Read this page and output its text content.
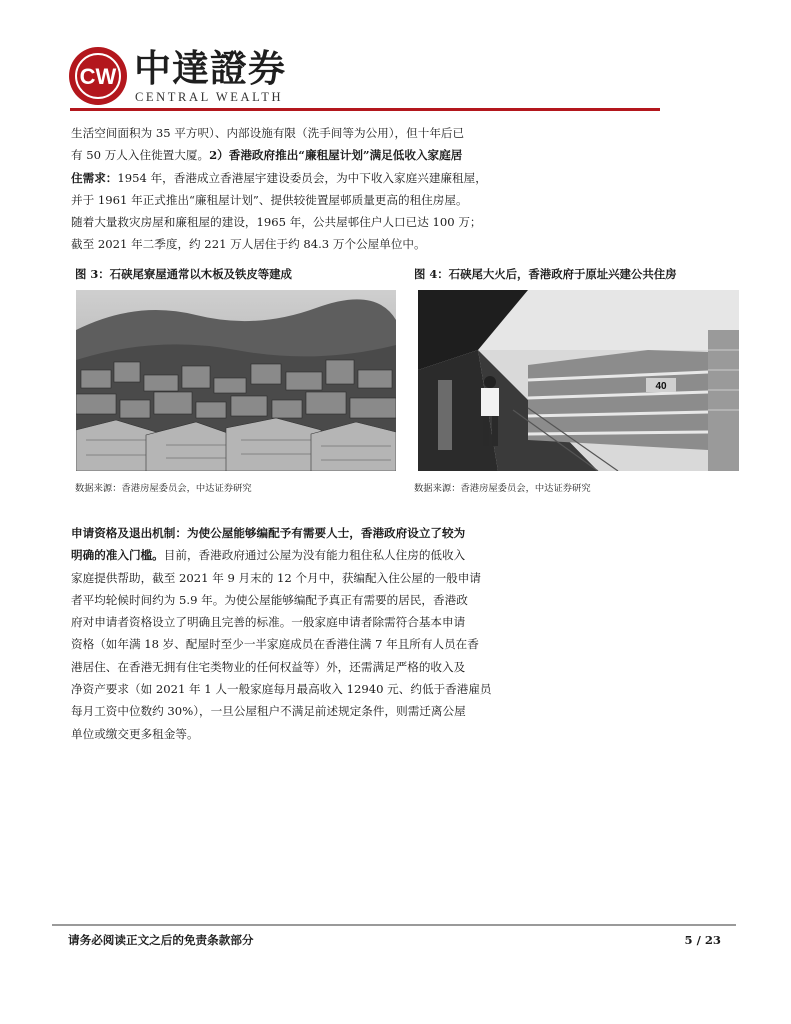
CW 中達證券
CENTRAL WEALTH
生活空间面积为 35 平方呎）、内部设施有限（洗手间等为公用），但十年后已
有 50 万人入住徙置大厦。2）香港政府推出“廉租屋计划”满足低收入家庭居
住需求：1954 年，香港成立香港屋宇建设委员会，为中下收入家庭兴建廉租屋，
并于 1961 年正式推出“廉租屋计划”、提供较徙置屋邨质量更高的租住房屋。
随着大量救灾房屋和廉租屋的建设，1965 年，公共屋邨住户人口已达 100 万；
截至 2021 年二季度，约 221 万人居住于约 84.3 万个公屋单位中。
图 3：石硖尾寮屋通常以木板及铁皮等建成	图 4：石硖尾大火后，香港政府于原址兴建公共住房
40
数据来源：香港房屋委员会，中达证券研究	数据来源：香港房屋委员会，中达证券研究
申请资格及退出机制：为使公屋能够编配予有需要人士，香港政府设立了较为
明确的准入门槛。目前，香港政府通过公屋为没有能力租住私人住房的低收入
家庭提供帮助，截至 2021 年 9 月末的 12 个月中，获编配入住公屋的一般申请
者平均轮候时间约为 5.9 年。为使公屋能够编配予真正有需要的居民，香港政
府对申请者资格设立了明确且完善的标准。一般家庭申请者除需符合基本申请
资格（如年满 18 岁、配屋时至少一半家庭成员在香港住满 7 年且所有人员在香
港居住、在香港无拥有住宅类物业的任何权益等）外，还需满足严格的收入及
净资产要求（如 2021 年 1 人一般家庭每月最高收入 12940 元、约低于香港雇员
每月工资中位数约 30%），一旦公屋租户不满足前述规定条件，则需迁离公屋
单位或缴交更多租金等。
请务必阅读正文之后的免责条款部分	5 / 23
